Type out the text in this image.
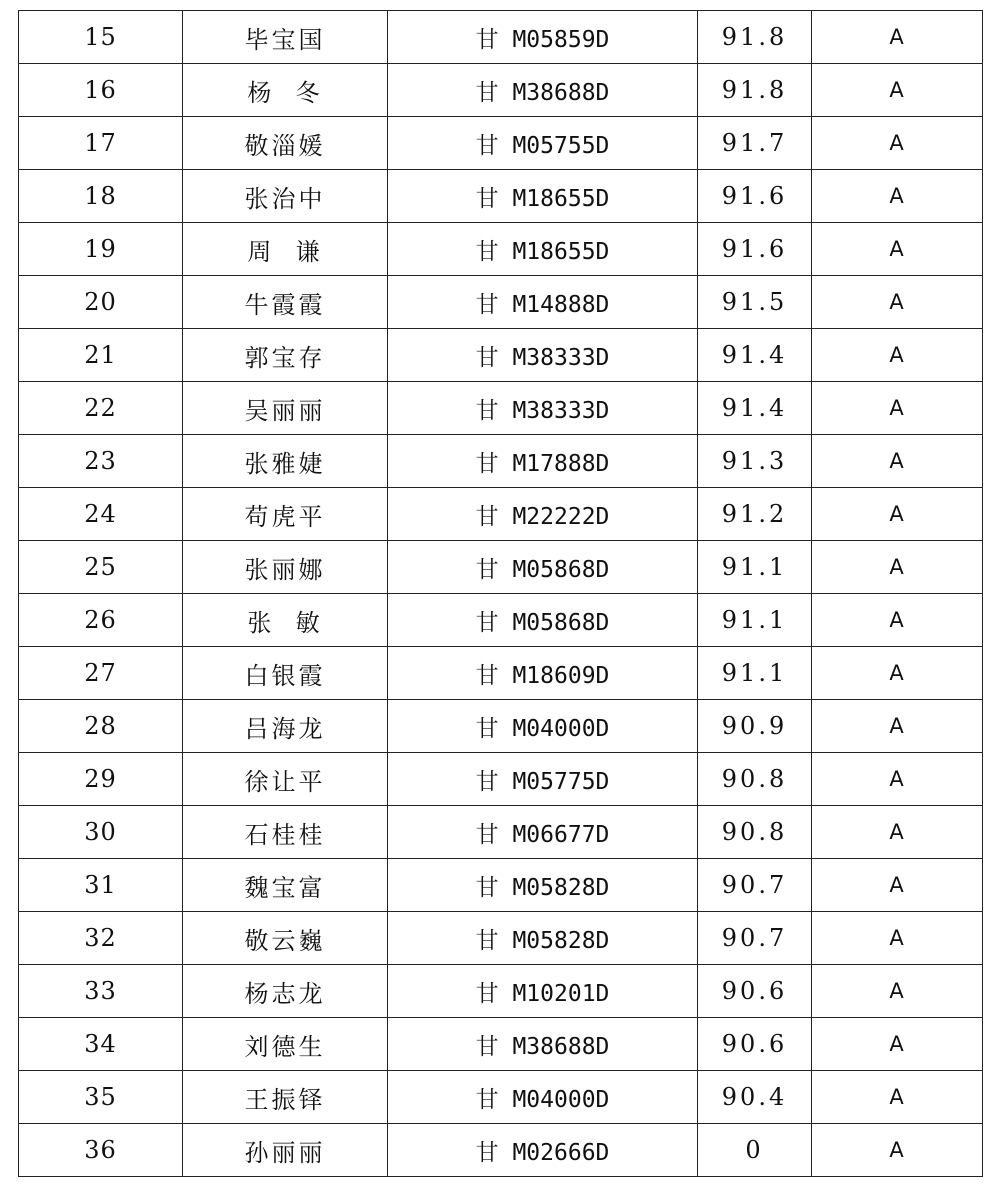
15	毕宝国	甘 M05859D	91.8	A
16	杨  冬	甘 M38688D	91.8	A
17	敬淄媛	甘 M05755D	91.7	A
18	张治中	甘 M18655D	91.6	A
19	周  谦	甘 M18655D	91.6	A
20	牛霞霞	甘 M14888D	91.5	A
21	郭宝存	甘 M38333D	91.4	A
22	吴丽丽	甘 M38333D	91.4	A
23	张雅婕	甘 M17888D	91.3	A
24	苟虎平	甘 M22222D	91.2	A
25	张丽娜	甘 M05868D	91.1	A
26	张  敏	甘 M05868D	91.1	A
27	白银霞	甘 M18609D	91.1	A
28	吕海龙	甘 M04000D	90.9	A
29	徐让平	甘 M05775D	90.8	A
30	石桂桂	甘 M06677D	90.8	A
31	魏宝富	甘 M05828D	90.7	A
32	敬云巍	甘 M05828D	90.7	A
33	杨志龙	甘 M10201D	90.6	A
34	刘德生	甘 M38688D	90.6	A
35	王振铎	甘 M04000D	90.4	A
36	孙丽丽	甘 M02666D	0	A
